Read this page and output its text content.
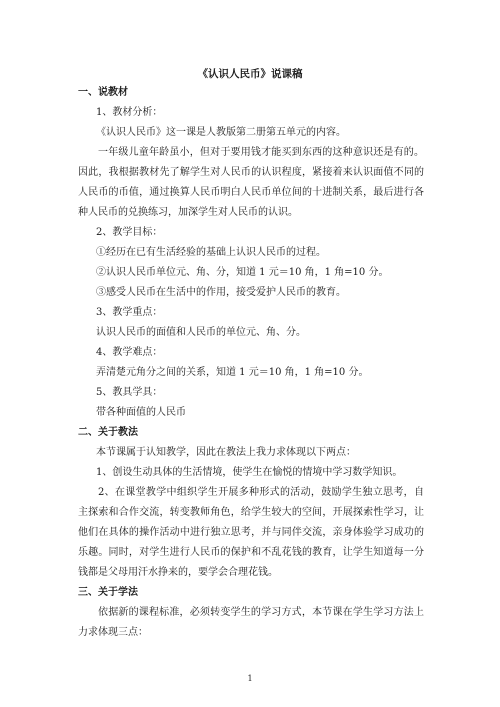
《认识人民币》说课稿
一、说教材
1、教材分析：
《认识人民币》这一课是人教版第二册第五单元的内容。
一年级儿童年龄虽小，但对于要用钱才能买到东西的这种意识还是有的。因此，我根据教材先了解学生对人民币的认识程度，紧接着来认识面值不同的人民币的币值，通过换算人民币明白人民币单位间的十进制关系，最后进行各种人民币的兑换练习，加深学生对人民币的认识。
2、教学目标：
①经历在已有生活经验的基础上认识人民币的过程。
②认识人民币单位元、角、分，知道 1 元＝10 角，1 角=10 分。
③感受人民币在生活中的作用，接受爱护人民币的教育。
3、教学重点：
认识人民币的面值和人民币的单位元、角、分。
4、教学难点：
弄清楚元角分之间的关系，知道 1 元＝10 角，1 角=10 分。
5、教具学具：
带各种面值的人民币
二、关于教法
本节课属于认知教学，因此在教法上我力求体现以下两点：
1、创设生动具体的生活情境，使学生在愉悦的情境中学习数学知识。
2、在课堂教学中组织学生开展多种形式的活动，鼓励学生独立思考，自主探索和合作交流，转变教师角色，给学生较大的空间，开展探索性学习，让他们在具体的操作活动中进行独立思考，并与同伴交流，亲身体验学习成功的乐趣。同时，对学生进行人民币的保护和不乱花钱的教育，让学生知道每一分钱都是父母用汗水挣来的，要学会合理花钱。
三、关于学法
依据新的课程标准，必须转变学生的学习方式，本节课在学生学习方法上力求体现三点：
1
